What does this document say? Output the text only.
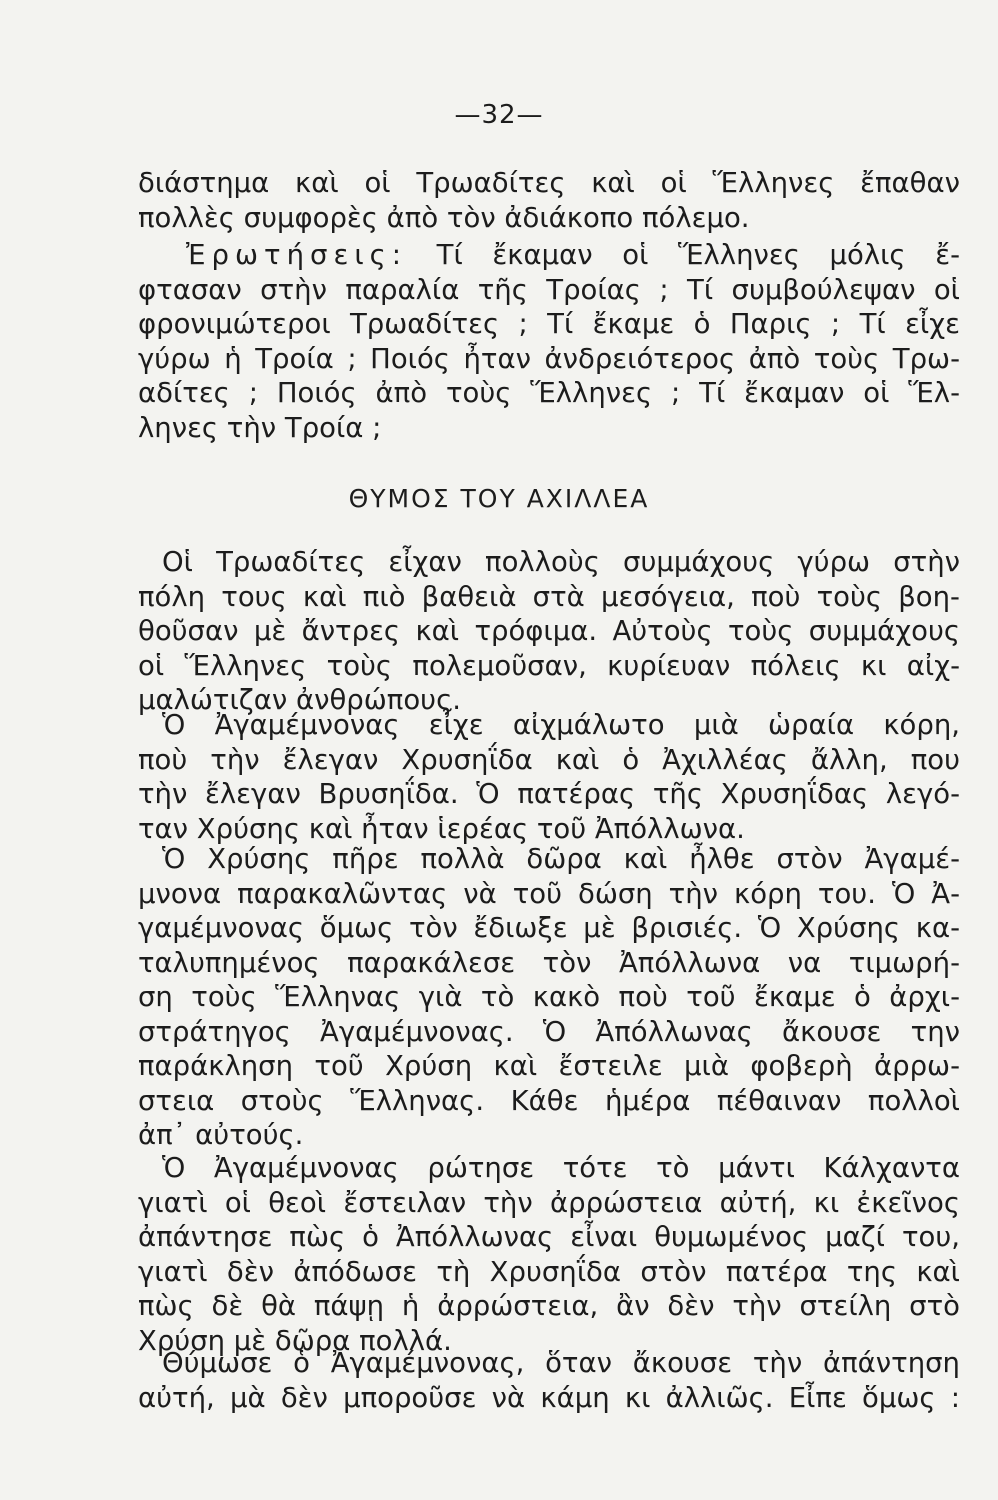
—32—
διάστημα καὶ οἱ Τρωαδίτες καὶ οἱ Ἕλληνες ἔπαθαν
πολλὲς συμφορὲς ἀπὸ τὸν ἀδιάκοπο πόλεμο.
Ἐρωτήσεις: Τί ἔκαμαν οἱ Ἕλληνες μόλις ἔ-
φτασαν στὴν παραλία τῆς Τροίας ; Τί συμβούλεψαν οἱ
φρονιμώτεροι Τρωαδίτες ; Τί ἔκαμε ὁ Παρις ; Τί εἶχε
γύρω ἡ Τροία ; Ποιός ἦταν ἀνδρειότερος ἀπὸ τοὺς Τρω-
αδίτες ; Ποιός ἀπὸ τοὺς Ἕλληνες ; Τί ἔκαμαν οἱ Ἕλ-
ληνες τὴν Τροία ;
ΘΥΜΟΣ ΤΟΥ ΑΧΙΛΛΕΑ
Οἱ Τρωαδίτες εἶχαν πολλοὺς συμμάχους γύρω στὴν
πόλη τους καὶ πιὸ βαθειὰ στὰ μεσόγεια, ποὺ τοὺς βοη-
θοῦσαν μὲ ἄντρες καὶ τρόφιμα. Αὐτοὺς τοὺς συμμάχους
οἱ Ἕλληνες τοὺς πολεμοῦσαν, κυρίευαν πόλεις κι αἰχ-
μαλώτιζαν ἀνθρώπους.
Ὁ Ἀγαμέμνονας εἶχε αἰχμάλωτο μιὰ ὡραία κόρη,
ποὺ τὴν ἔλεγαν Χρυσηΐδα καὶ ὁ Ἀχιλλέας ἄλλη, που
τὴν ἔλεγαν Βρυσηΐδα. Ὁ πατέρας τῆς Χρυσηΐδας λεγό-
ταν Χρύσης καὶ ἦταν ἱερέας τοῦ Ἀπόλλωνα.
Ὁ Χρύσης πῆρε πολλὰ δῶρα καὶ ἦλθε στὸν Ἀγαμέ-
μνονα παρακαλῶντας νὰ τοῦ δώση τὴν κόρη του. Ὁ Ἀ-
γαμέμνονας ὅμως τὸν ἔδιωξε μὲ βρισιές. Ὁ Χρύσης κα-
ταλυπημένος παρακάλεσε τὸν Ἀπόλλωνα να τιμωρή-
ση τοὺς Ἕλληνας γιὰ τὸ κακὸ ποὺ τοῦ ἔκαμε ὁ ἀρχι-
στράτηγος Ἀγαμέμνονας. Ὁ Ἀπόλλωνας ἄκουσε την
παράκληση τοῦ Χρύση καὶ ἔστειλε μιὰ φοβερὴ ἀρρω-
στεια στοὺς Ἕλληνας. Κάθε ἡμέρα πέθαιναν πολλοὶ
ἀπ᾿ αὐτούς.
Ὁ Ἀγαμέμνονας ρώτησε τότε τὸ μάντι Κάλχαντα
γιατὶ οἱ θεοὶ ἔστειλαν τὴν ἀρρώστεια αὐτή, κι ἐκεῖνος
ἀπάντησε πὼς ὁ Ἀπόλλωνας εἶναι θυμωμένος μαζί του,
γιατὶ δὲν ἀπόδωσε τὴ Χρυσηΐδα στὸν πατέρα της καὶ
πὼς δὲ θὰ πάψῃ ἡ ἀρρώστεια, ἂν δὲν τὴν στείλη στὸ
Χρύση μὲ δῶρα πολλά.
Θύμωσε ὁ Ἀγαμέμνονας, ὅταν ἄκουσε τὴν ἀπάντηση
αὐτή, μὰ δὲν μποροῦσε νὰ κάμη κι ἀλλιῶς. Εἶπε ὅμως :
